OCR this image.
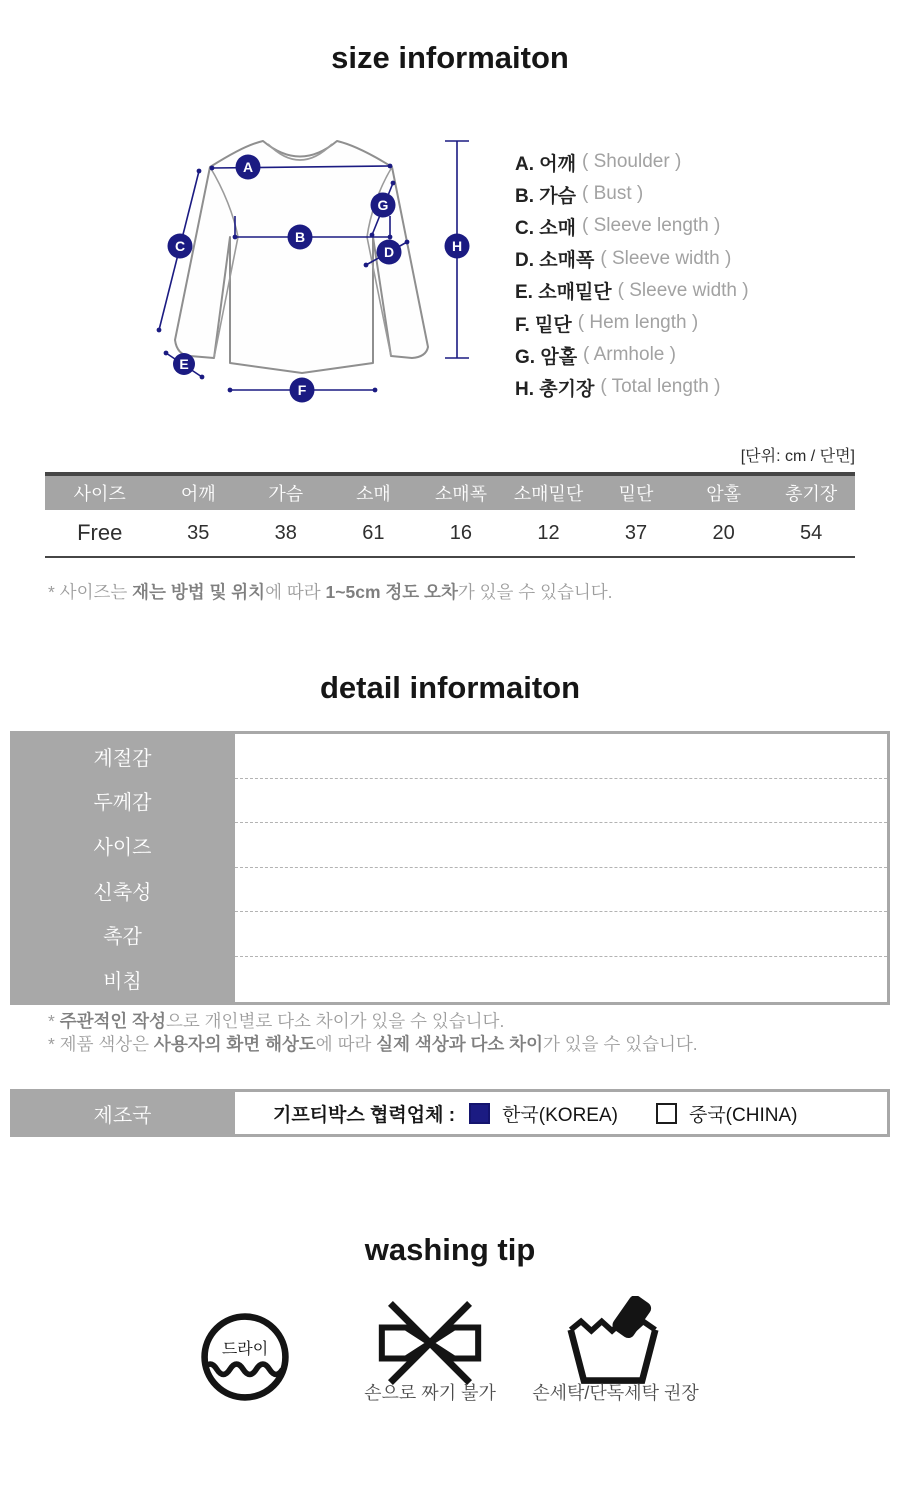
size informaiton
A
B
C	D
E
F
G
H
A. 어깨 ( Shoulder )
B. 가슴 ( Bust )
C. 소매 ( Sleeve length )
D. 소매폭 ( Sleeve width )
E. 소매밑단 ( Sleeve width )
F. 밑단 ( Hem length )
G. 암홀 ( Armhole )
H. 총기장 ( Total length )
[단위: cm / 단면]
사이즈	어깨	가슴	소매	소매폭	소매밑단	밑단	암홀	총기장
Free	35	38	61	16	12	37	20	54
* 사이즈는 재는 방법 및 위치에 따라 1~5cm 정도 오차가 있을 수 있습니다.
detail informaiton
계절감
두께감
사이즈
신축성
촉감
비침
* 주관적인 작성으로 개인별로 다소 차이가 있을 수 있습니다.
* 제품 색상은 사용자의 화면 해상도에 따라 실제 색상과 다소 차이가 있을 수 있습니다.
제조국	기프티박스 협력업체 : 한국(KOREA)	중국(CHINA)
washing tip
드라이
손으로 짜기 불가	손세탁/단독세탁 권장
